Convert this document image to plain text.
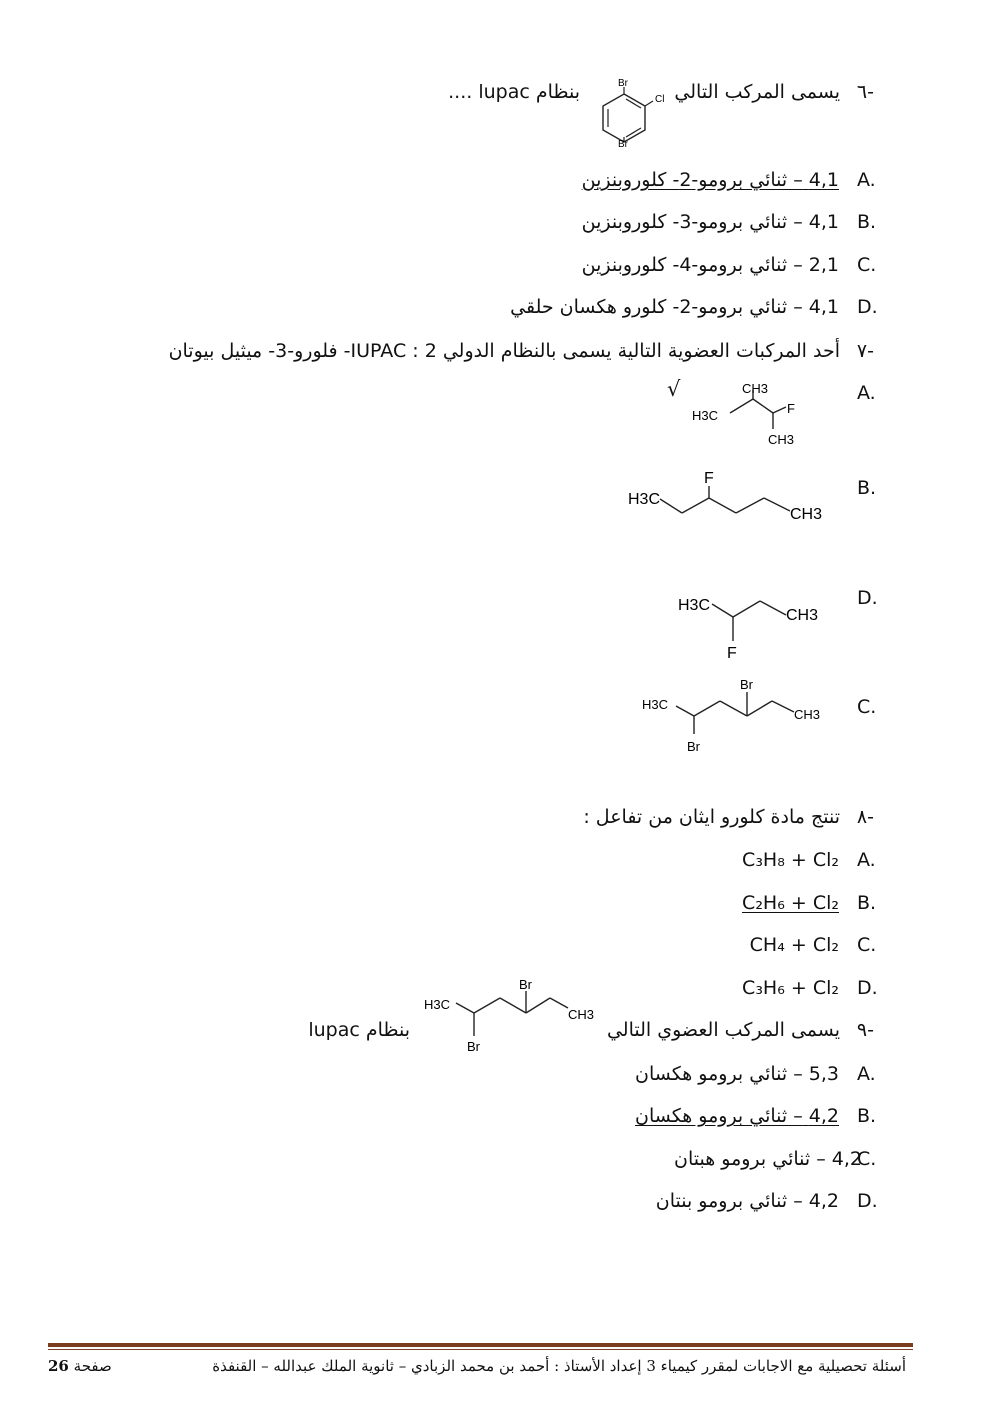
٦-
يسمى المركب التالي
بنظام lupac ....	Br
Cl
Br
A.
4,1 – ثنائي برومو-2- كلوروبنزين
B.
4,1 – ثنائي برومو-3- كلوروبنزين
C.
2,1 – ثنائي برومو-4- كلوروبنزين
D.
4,1 – ثنائي برومو-2- كلورو هكسان حلقي
٧-
أحد المركبات العضوية التالية يسمى بالنظام الدولي IUPAC : 2- فلورو-3- ميثيل بيوتان
A.
√	CH3
H3C	F
CH3
B.
H3C
F
CH3
D.
H3C
CH3
F
C.
H3C
Br
CH3
Br
٨-
تنتج مادة كلورو ايثان من تفاعل :
A.
C₃H₈ + Cl₂
B.
C₂H₆ + Cl₂
C.
CH₄ + Cl₂
D.
C₃H₆ + Cl₂
H3C
Br
CH3
Br
٩-
يسمى المركب العضوي التالي
بنظام lupac
A.
5,3 – ثنائي برومو هكسان
B.
4,2 – ثنائي برومو هكسان
C.
4,2 – ثنائي برومو هبتان
D.
4,2 – ثنائي برومو بنتان
أسئلة تحصيلية مع الاجابات لمقرر كيمياء 3 إعداد الأستاذ : أحمد بن محمد الزبادي – ثانوية الملك عبدالله – القنفذة
صفحة 26
